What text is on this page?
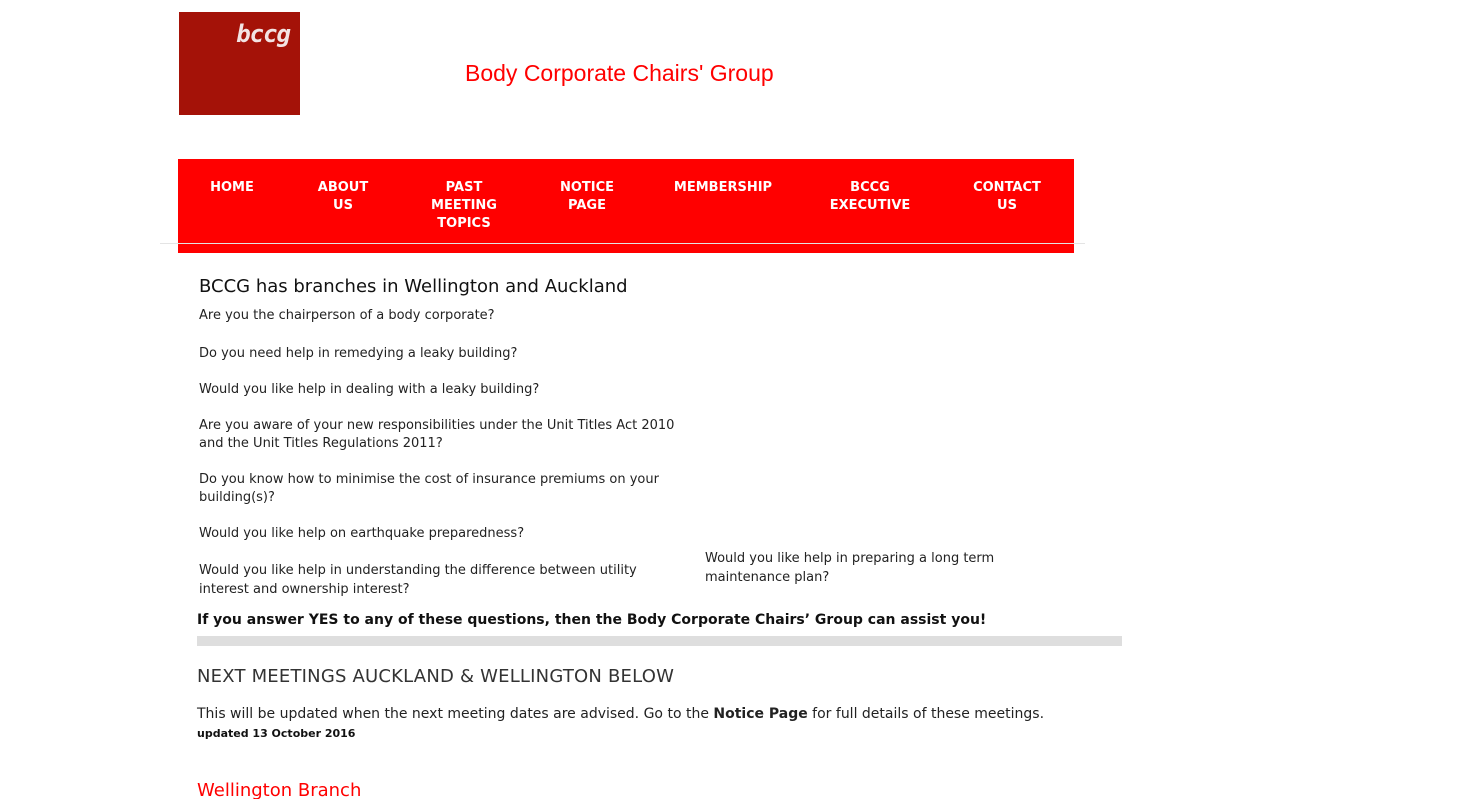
bccg
Body Corporate Chairs' Group
HOME	ABOUT
US
PAST
MEETING
TOPICS
NOTICE
PAGE
MEMBERSHIP	BCCG
EXECUTIVE
CONTACT
US
BCCG has branches in Wellington and Auckland
Are you the chairperson of a body corporate?
Do you need help in remedying a leaky building?
Would you like help in dealing with a leaky building?
Are you aware of your new responsibilities under the Unit Titles Act 2010 and the Unit Titles Regulations 2011?
Do you know how to minimise the cost of insurance premiums on your building(s)?
Would you like help on earthquake preparedness?
Would you like help in understanding the difference between utility interest and ownership interest?
Would you like help in preparing a long term maintenance plan?
If you answer YES to any of these questions, then the Body Corporate Chairs’ Group can assist you!
NEXT MEETINGS AUCKLAND & WELLINGTON BELOW
This will be updated when the next meeting dates are advised. Go to the Notice Page for full details of these meetings.
updated 13 October 2016
Wellington Branch
